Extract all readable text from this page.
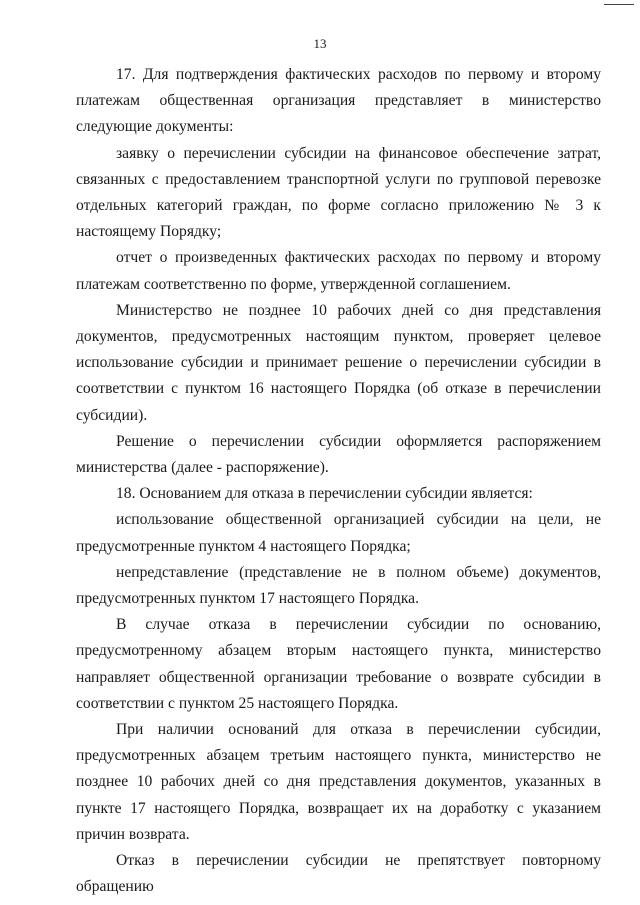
13

17. Для подтверждения фактических расходов по первому и второму платежам общественная организация представляет в министерство следующие документы:

заявку о перечислении субсидии на финансовое обеспечение затрат, связанных с предоставлением транспортной услуги по групповой перевозке отдельных категорий граждан, по форме согласно приложению № 3 к настоящему Порядку;

отчет о произведенных фактических расходах по первому и второму платежам соответственно по форме, утвержденной соглашением.

Министерство не позднее 10 рабочих дней со дня представления документов, предусмотренных настоящим пунктом, проверяет целевое использование субсидии и принимает решение о перечислении субсидии в соответствии с пунктом 16 настоящего Порядка (об отказе в перечислении субсидии).

Решение о перечислении субсидии оформляется распоряжением министерства (далее - распоряжение).

18. Основанием для отказа в перечислении субсидии является:

использование общественной организацией субсидии на цели, не предусмотренные пунктом 4 настоящего Порядка;

непредставление (представление не в полном объеме) документов, предусмотренных пунктом 17 настоящего Порядка.

В случае отказа в перечислении субсидии по основанию, предусмотренному абзацем вторым настоящего пункта, министерство направляет общественной организации требование о возврате субсидии в соответствии с пунктом 25 настоящего Порядка.

При наличии оснований для отказа в перечислении субсидии, предусмотренных абзацем третьим настоящего пункта, министерство не позднее 10 рабочих дней со дня представления документов, указанных в пункте 17 настоящего Порядка, возвращает их на доработку с указанием причин возврата.

Отказ в перечислении субсидии не препятствует повторному обращению
